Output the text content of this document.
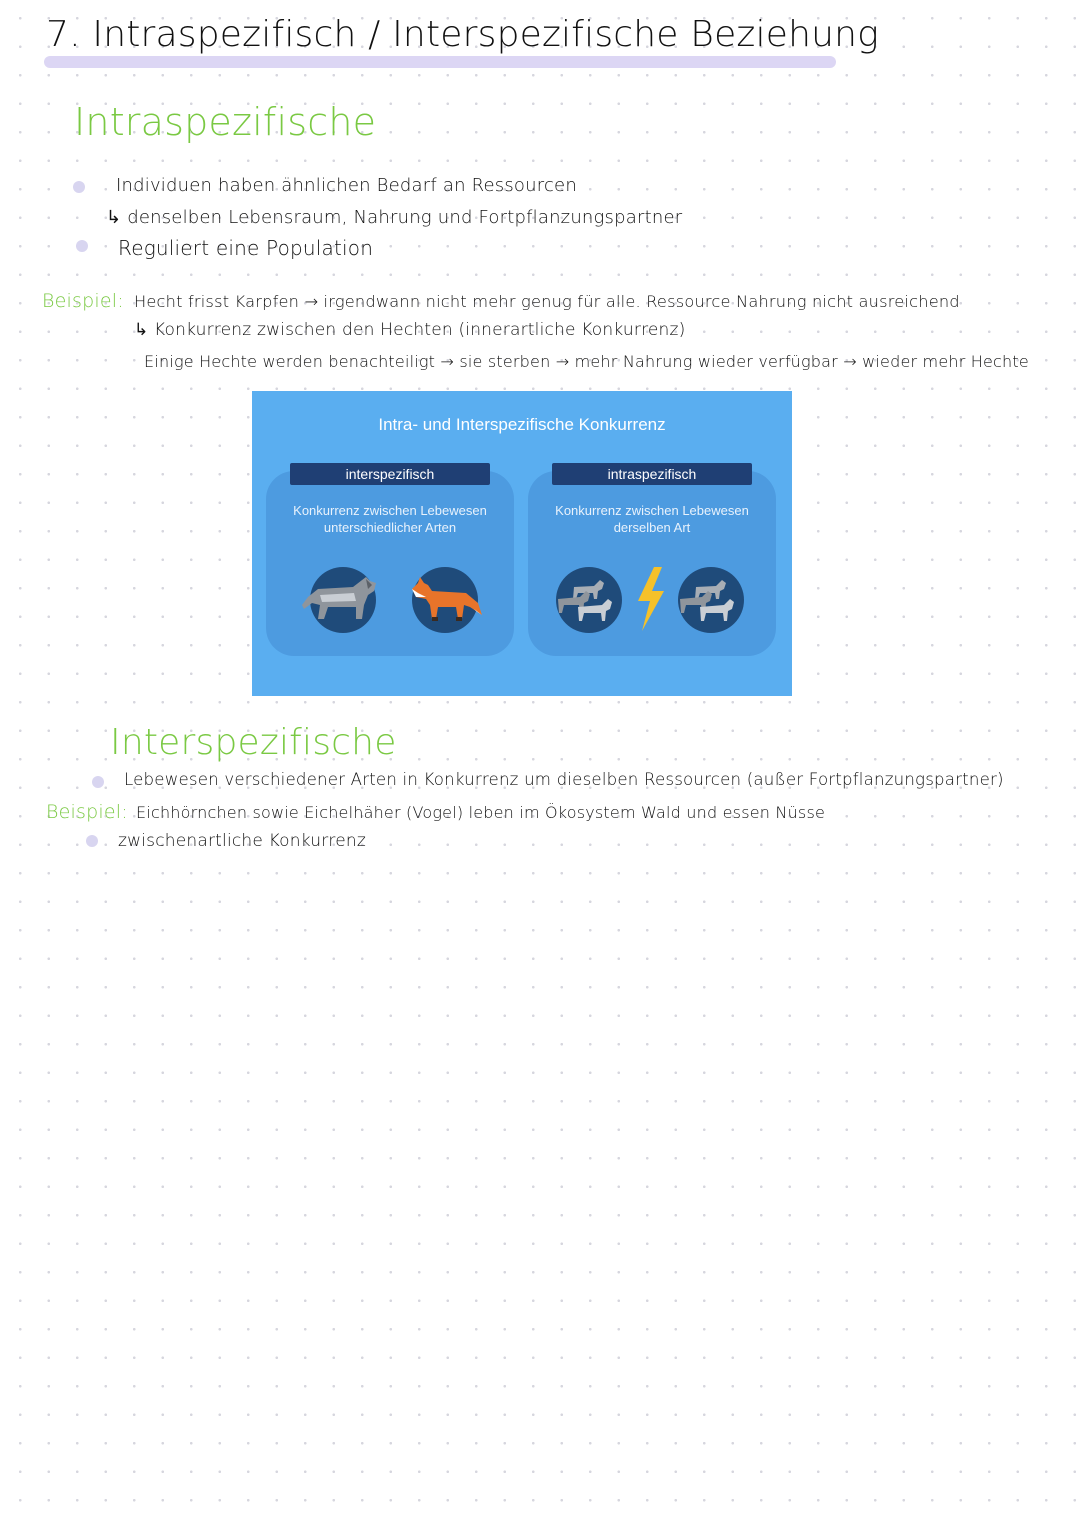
7. Intraspezifisch / Interspezifische Beziehung
Intraspezifische
Individuen haben ähnlichen Bedarf an Ressourcen
↳ denselben Lebensraum, Nahrung und Fortpflanzungspartner
Reguliert eine Population
Beispiel: Hecht frisst Karpfen → irgendwann nicht mehr genug für alle. Ressource Nahrung nicht ausreichend
↳ Konkurrenz zwischen den Hechten (innerartliche Konkurrenz)
Einige Hechte werden benachteiligt → sie sterben → mehr Nahrung wieder verfügbar → wieder mehr Hechte
Intra- und Interspezifische Konkurrenz
interspezifisch
Konkurrenz zwischen Lebewesen unterschiedlicher Arten
intraspezifisch
Konkurrenz zwischen Lebewesen derselben Art
Interspezifische
Lebewesen verschiedener Arten in Konkurrenz um dieselben Ressourcen (außer Fortpflanzungspartner)
Beispiel: Eichhörnchen sowie Eichelhäher (Vogel) leben im Ökosystem Wald und essen Nüsse
zwischenartliche Konkurrenz
